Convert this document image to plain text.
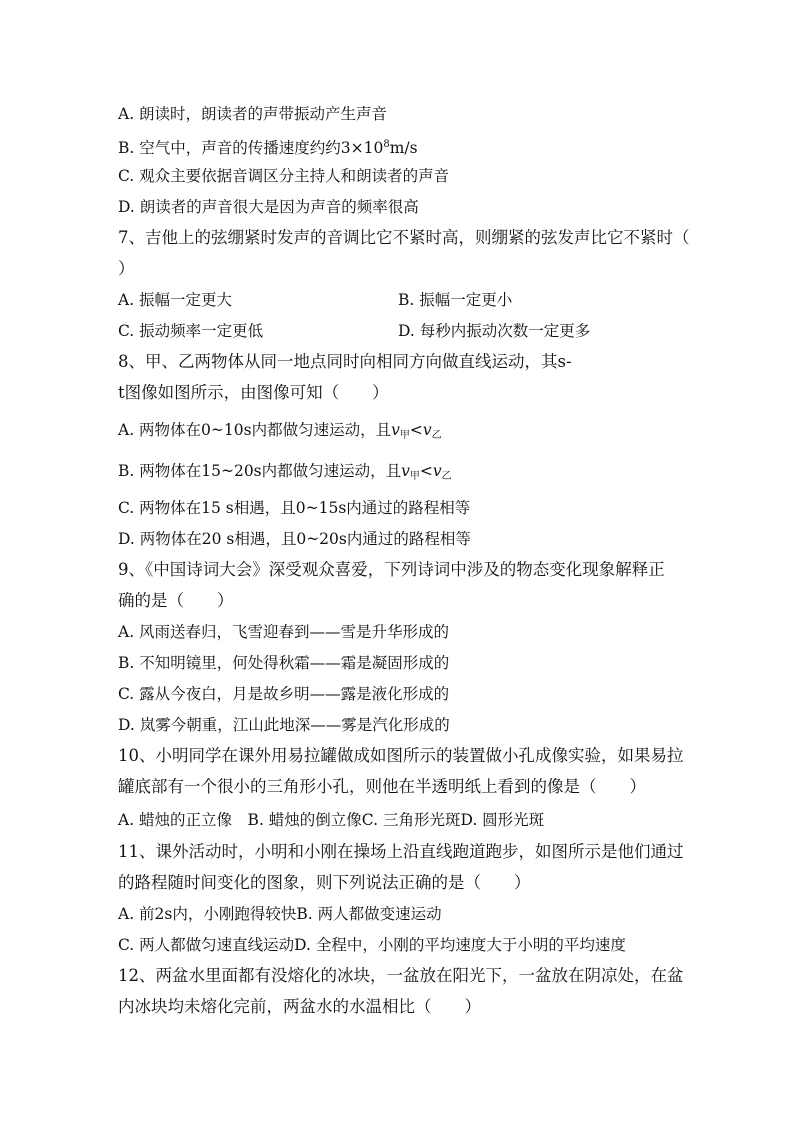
A. 朗读时，朗读者的声带振动产生声音
B. 空气中，声音的传播速度约约$3\times 10^8m/s$
C. 观众主要依据音调区分主持人和朗读者的声音
D. 朗读者的声音很大是因为声音的频率很高
7、吉他上的弦绷紧时发声的音调比它不紧时高，则绷紧的弦发声比它不紧时（
）
A. 振幅一定更大	B. 振幅一定更小
C. 振动频率一定更低	D. 每秒内振动次数一定更多
8、甲、乙两物体从同一地点同时向相同方向做直线运动，其s-
t图像如图所示，由图像可知（　　）
A. 两物体在0~10s内都做匀速运动，且$v_甲<v_乙$
B. 两物体在15~20s内都做匀速运动，且$v_甲<v_乙$
C. 两物体在15 s相遇，且0~15s内通过的路程相等
D. 两物体在20 s相遇，且0~20s内通过的路程相等
9、《中国诗词大会》深受观众喜爱，下列诗词中涉及的物态变化现象解释正
确的是（　　）
A. 风雨送春归，飞雪迎春到——雪是升华形成的
B. 不知明镜里，何处得秋霜——霜是凝固形成的
C. 露从今夜白，月是故乡明——露是液化形成的
D. 岚雾今朝重，江山此地深——雾是汽化形成的
10、小明同学在课外用易拉罐做成如图所示的装置做小孔成像实验，如果易拉
罐底部有一个很小的三角形小孔，则他在半透明纸上看到的像是（　　）
A. 蜡烛的正立像　B. 蜡烛的倒立像C. 三角形光斑D. 圆形光斑
11、课外活动时，小明和小刚在操场上沿直线跑道跑步，如图所示是他们通过
的路程随时间变化的图象，则下列说法正确的是（　　）
A. 前2s内，小刚跑得较快B. 两人都做变速运动
C. 两人都做匀速直线运动D. 全程中，小刚的平均速度大于小明的平均速度
12、两盆水里面都有没熔化的冰块，一盆放在阳光下，一盆放在阴凉处，在盆
内冰块均未熔化完前，两盆水的水温相比（　　）
